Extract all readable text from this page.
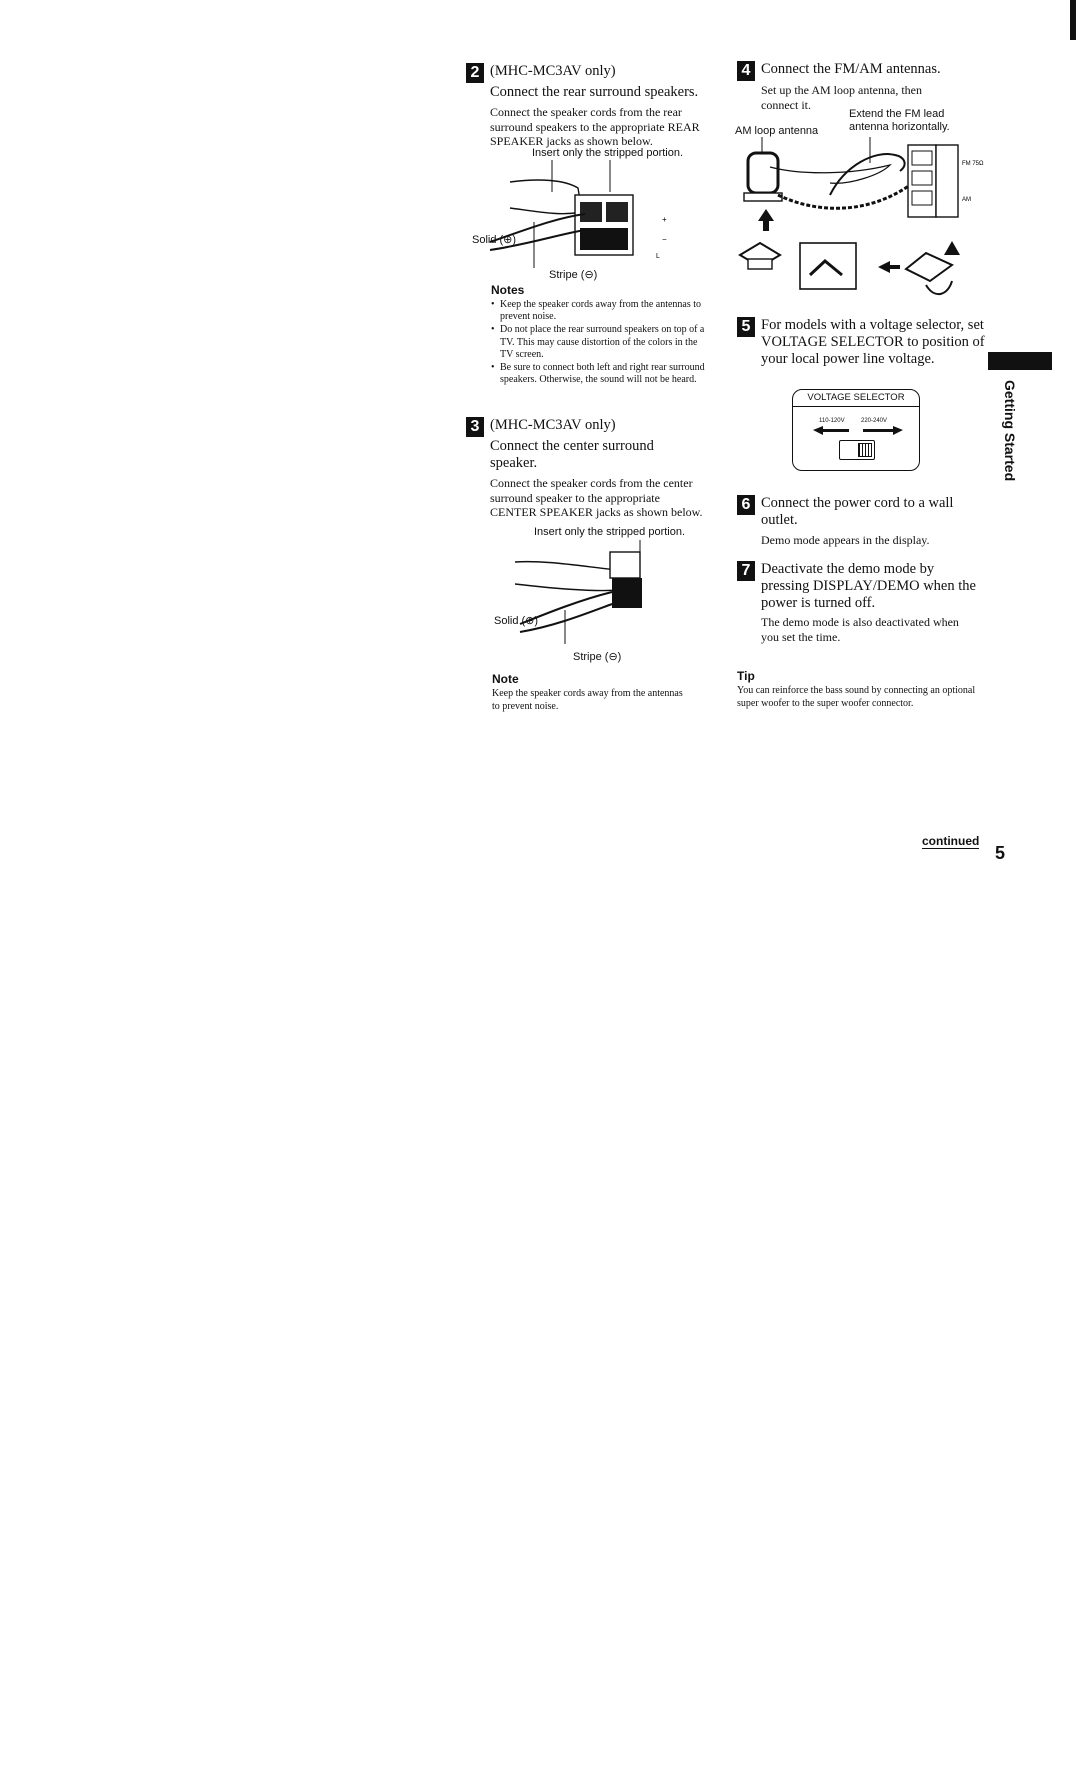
2 (MHC-MC3AV only)
Connect the rear surround speakers.
Connect the speaker cords from the rear surround speakers to the appropriate REAR SPEAKER jacks as shown below.
Insert only the stripped portion.
+
−
L
Solid (⊕)
Stripe (⊖)
Notes
• Keep the speaker cords away from the antennas to prevent noise.
• Do not place the rear surround speakers on top of a TV. This may cause distortion of the colors in the TV screen.
• Be sure to connect both left and right rear surround speakers. Otherwise, the sound will not be heard.
3 (MHC-MC3AV only)
Connect the center surround speaker.
Connect the speaker cords from the center surround speaker to the appropriate CENTER SPEAKER jacks as shown below.
Insert only the stripped portion.
Solid (⊕)
Stripe (⊖)
Note
Keep the speaker cords away from the antennas to prevent noise.
4 Connect the FM/AM antennas.
Set up the AM loop antenna, then connect it.
Extend the FM lead antenna horizontally.
AM loop antenna
FM 75Ω
AM
5 For models with a voltage selector, set VOLTAGE SELECTOR to position of your local power line voltage.
VOLTAGE SELECTOR
110-120V	220-240V
6 Connect the power cord to a wall outlet.
Demo mode appears in the display.
7 Deactivate the demo mode by pressing DISPLAY/DEMO when the power is turned off.
The demo mode is also deactivated when you set the time.
Tip
You can reinforce the bass sound by connecting an optional super woofer to the super woofer connector.
Getting Started
continued
5
